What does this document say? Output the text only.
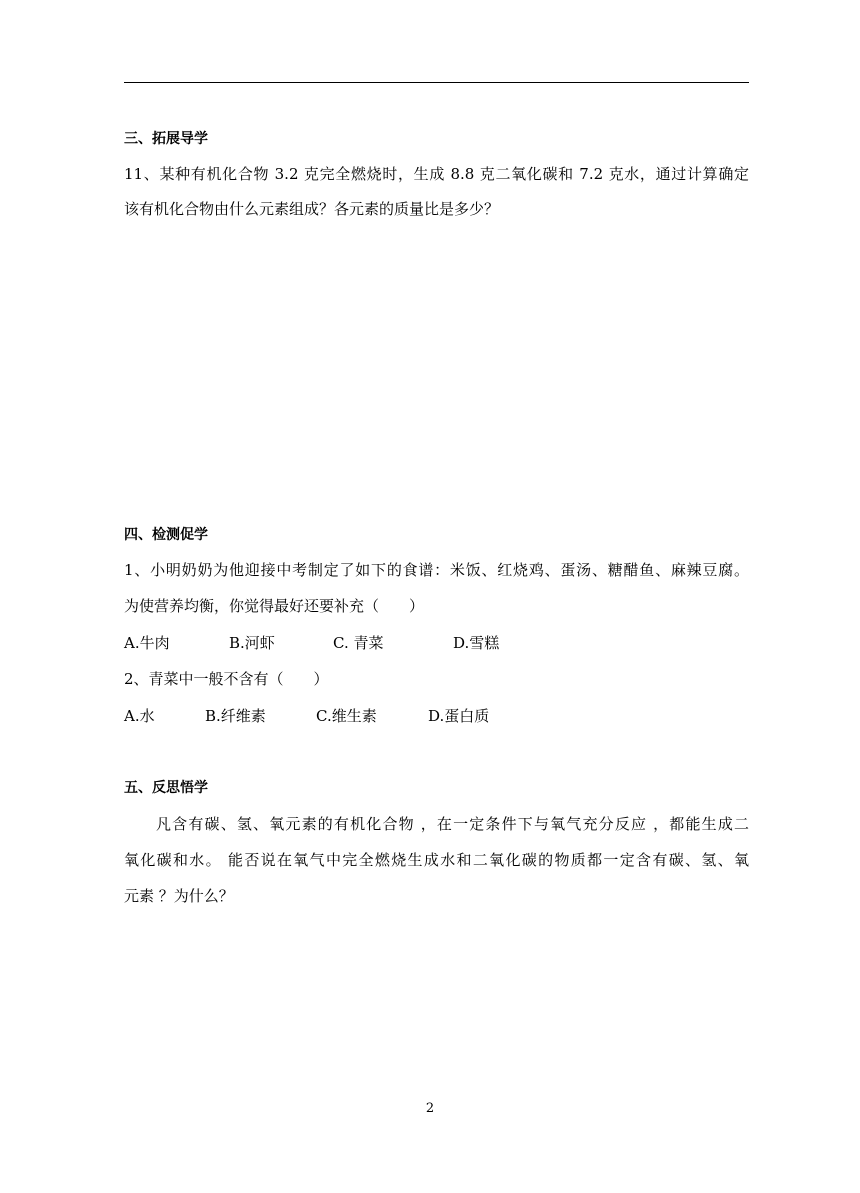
三、拓展导学
11、某种有机化合物 3.2 克完全燃烧时，生成 8.8 克二氧化碳和 7.2 克水，通过计算确定
该有机化合物由什么元素组成？各元素的质量比是多少？
四、检测促学
1、小明奶奶为他迎接中考制定了如下的食谱：米饭、红烧鸡、蛋汤、糖醋鱼、麻辣豆腐。
为使营养均衡，你觉得最好还要补充（　　）
A.牛肉	B.河虾	C. 青菜	D.雪糕
2、青菜中一般不含有（　　）
A.水	B.纤维素	C.维生素	D.蛋白质
五、反思悟学
凡含有碳、氢、氧元素的有机化合物 ，在一定条件下与氧气充分反应 ，都能生成二
氧化碳和水。 能否说在氧气中完全燃烧生成水和二氧化碳的物质都一定含有碳、氢、氧
元素 ？为什么？
2
